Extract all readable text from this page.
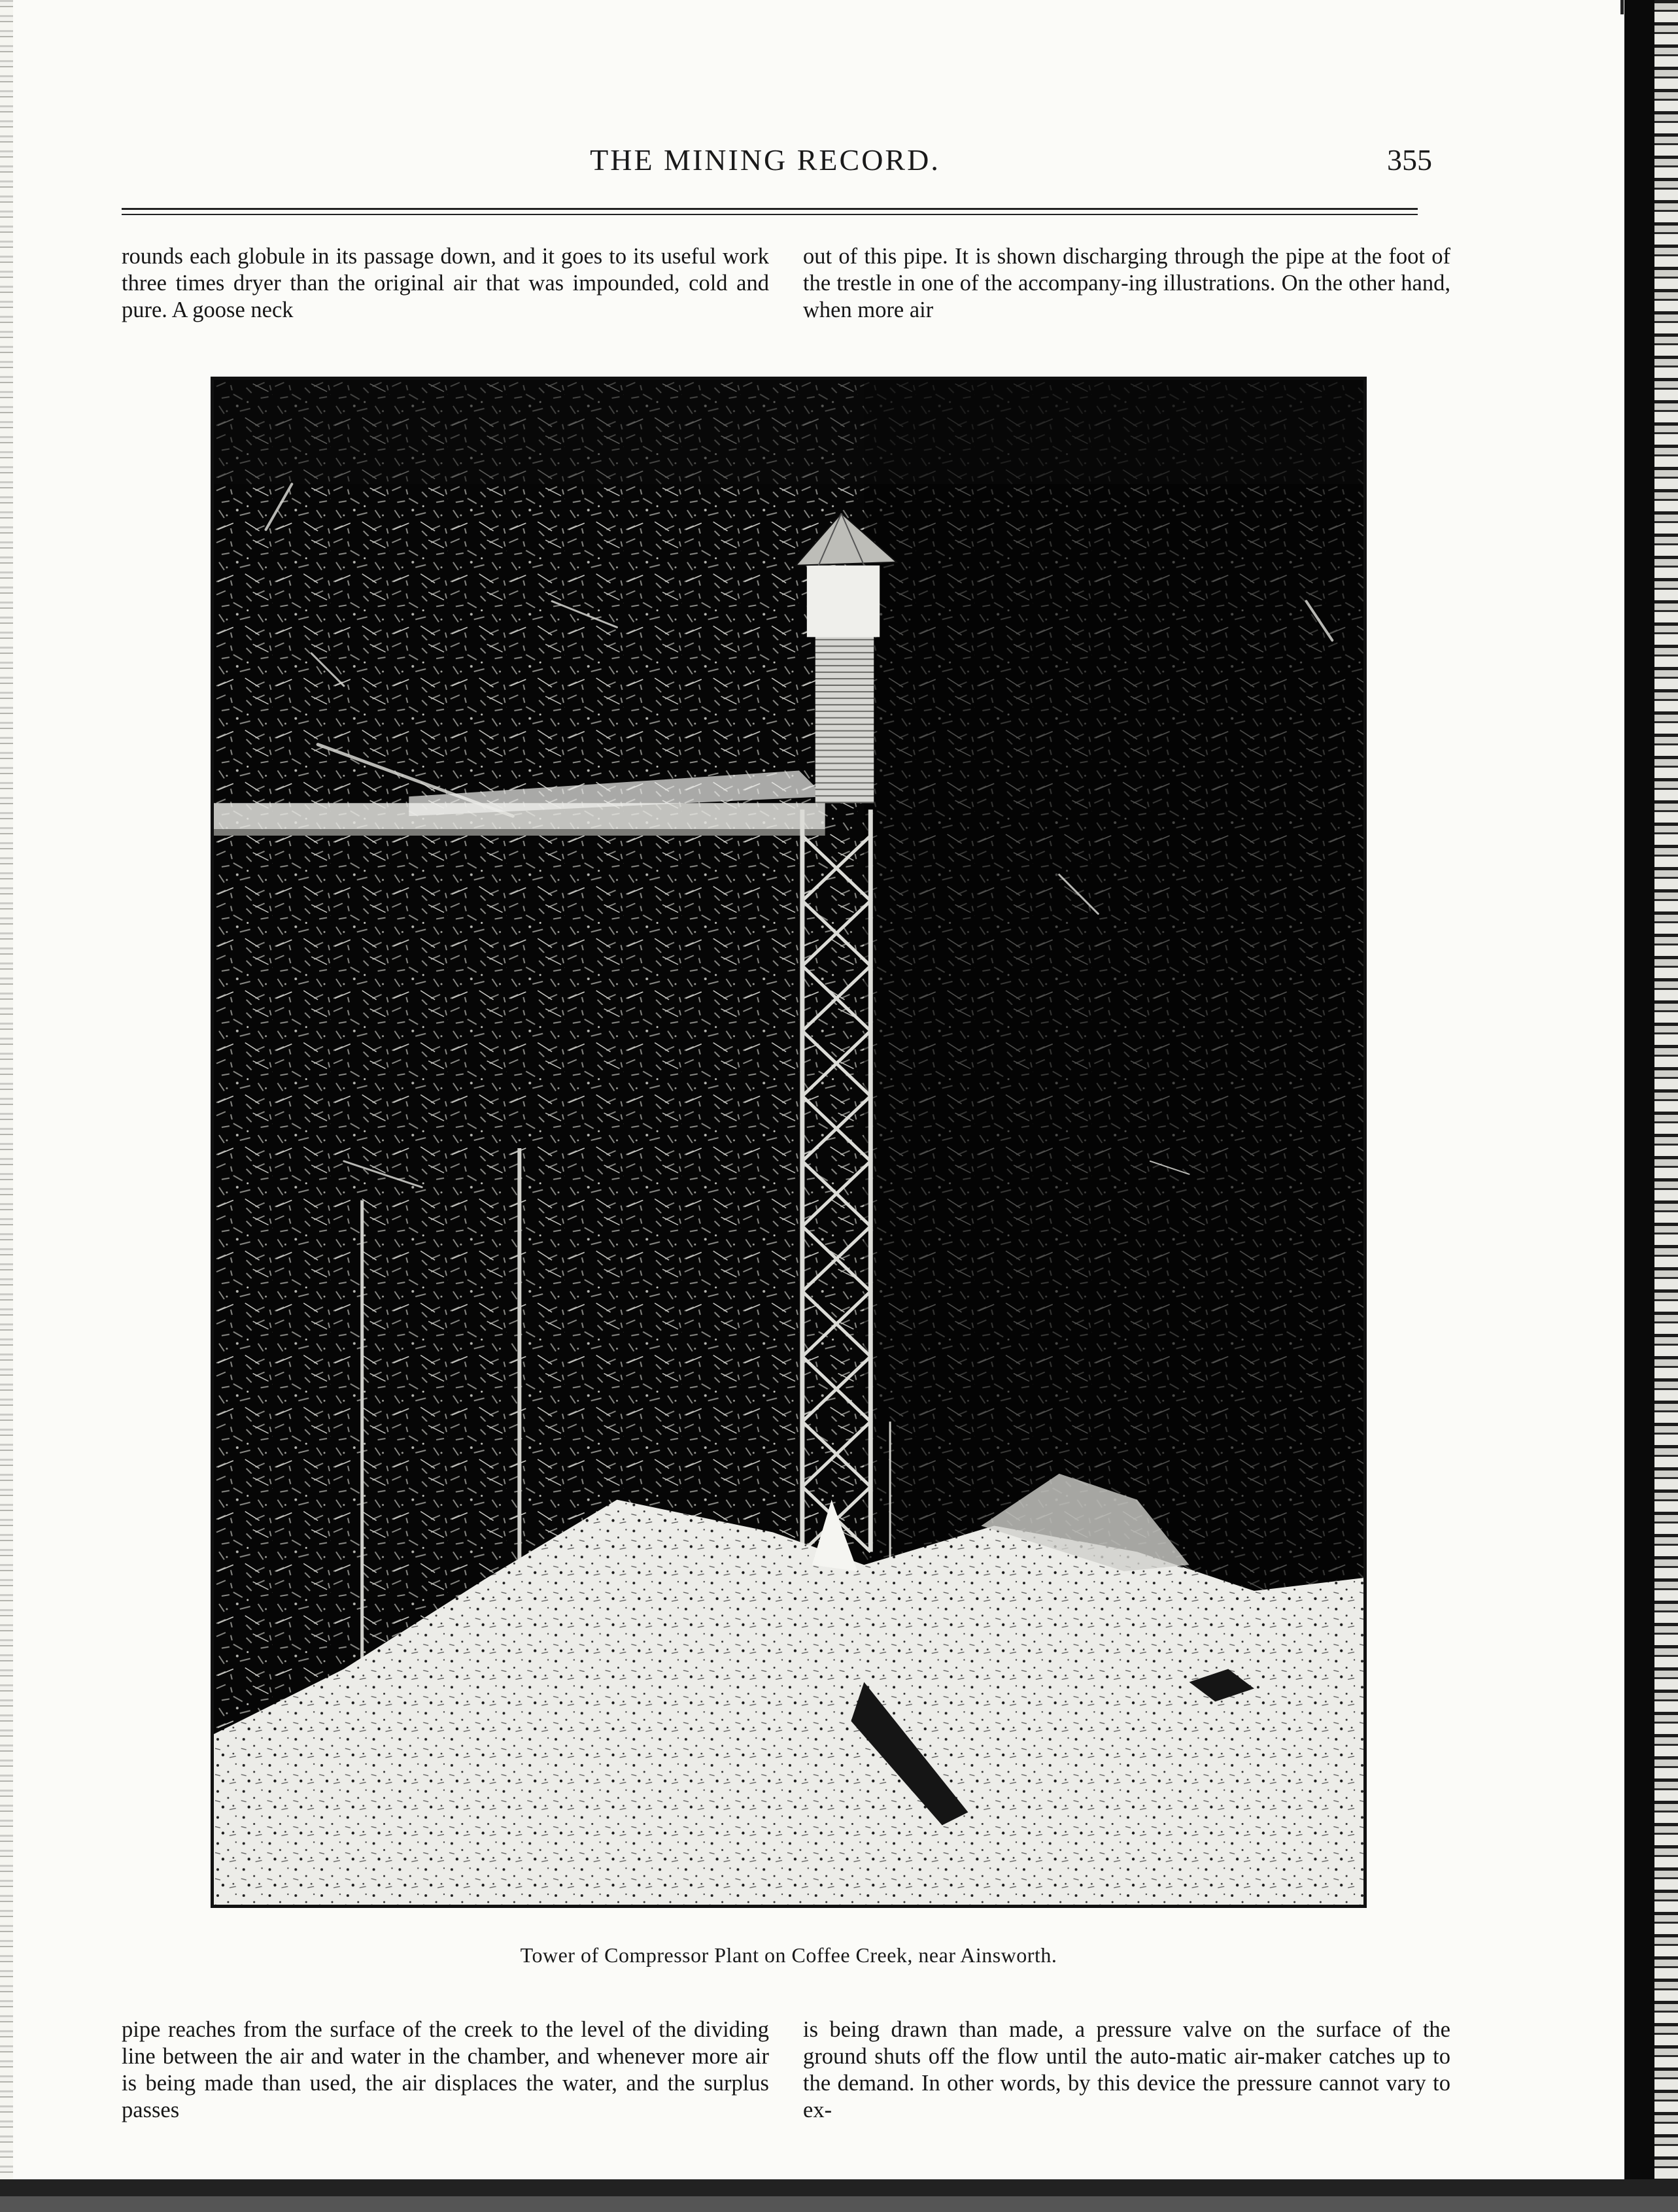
THE MINING RECORD.	355

rounds each globule in its passage down, and it goes to its useful work three times dryer than the original air that was impounded, cold and pure. A goose neck

out of this pipe. It is shown discharging through the pipe at the foot of the trestle in one of the accompany-ing illustrations. On the other hand, when more air

Tower of Compressor Plant on Coffee Creek, near Ainsworth.

pipe reaches from the surface of the creek to the level of the dividing line between the air and water in the chamber, and whenever more air is being made than used, the air displaces the water, and the surplus passes

is being drawn than made, a pressure valve on the surface of the ground shuts off the flow until the auto-matic air-maker catches up to the demand. In other words, by this device the pressure cannot vary to ex-
